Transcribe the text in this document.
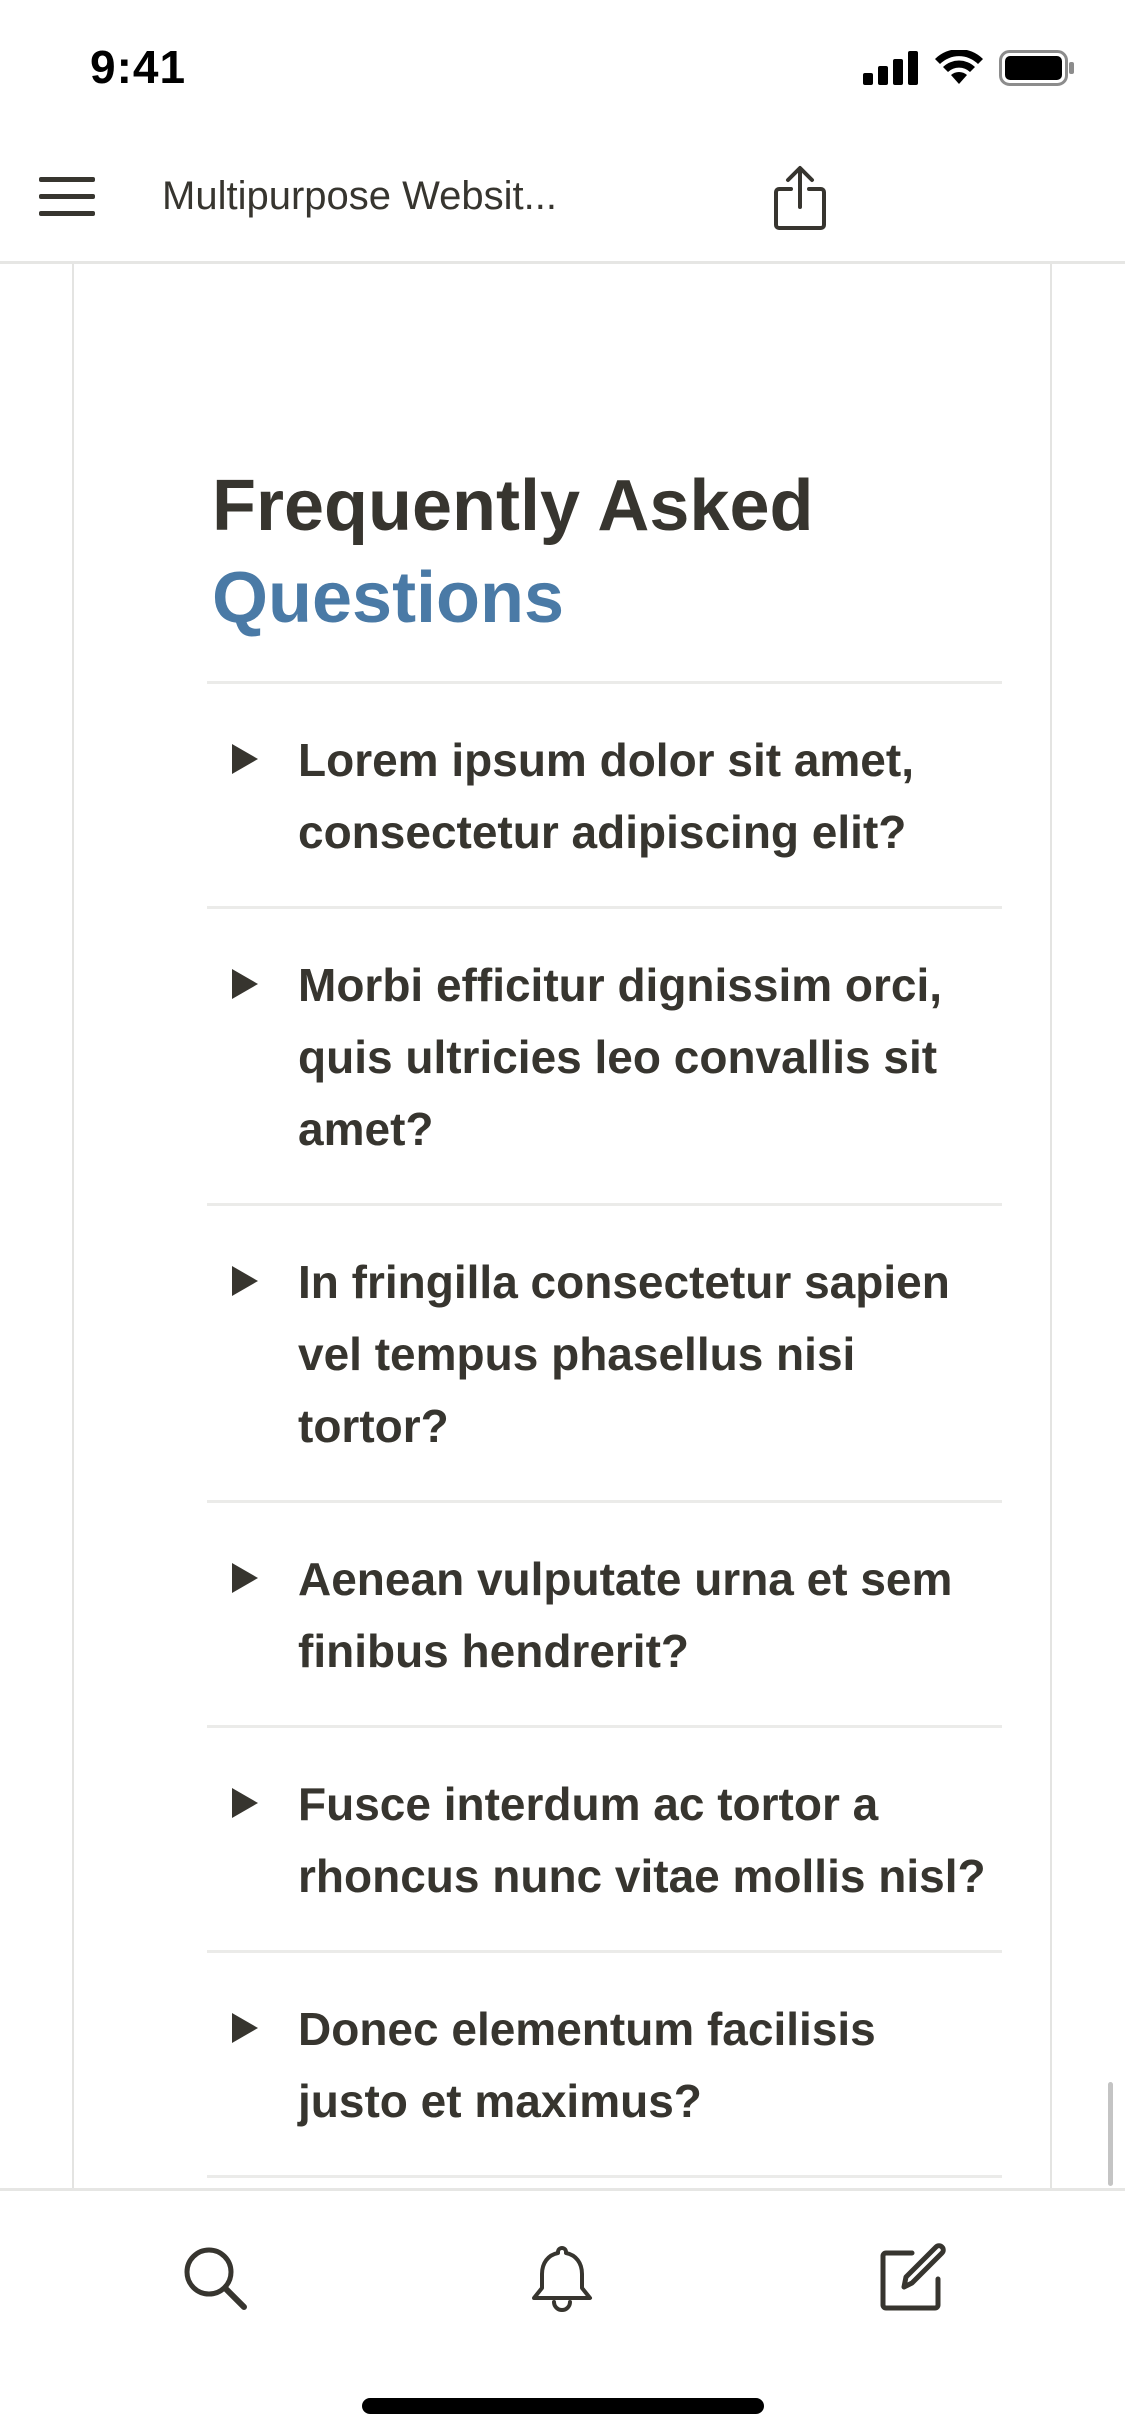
9:41
Multipurpose Websit...
Frequently Asked
Questions
Lorem ipsum dolor sit amet, consectetur adipiscing elit?
Morbi efficitur dignissim orci, quis ultricies leo convallis sit amet?
In fringilla consectetur sapien vel tempus phasellus nisi tortor?
Aenean vulputate urna et sem finibus hendrerit?
Fusce interdum ac tortor a rhoncus nunc vitae mollis nisl?
Donec elementum facilisis justo et maximus?
